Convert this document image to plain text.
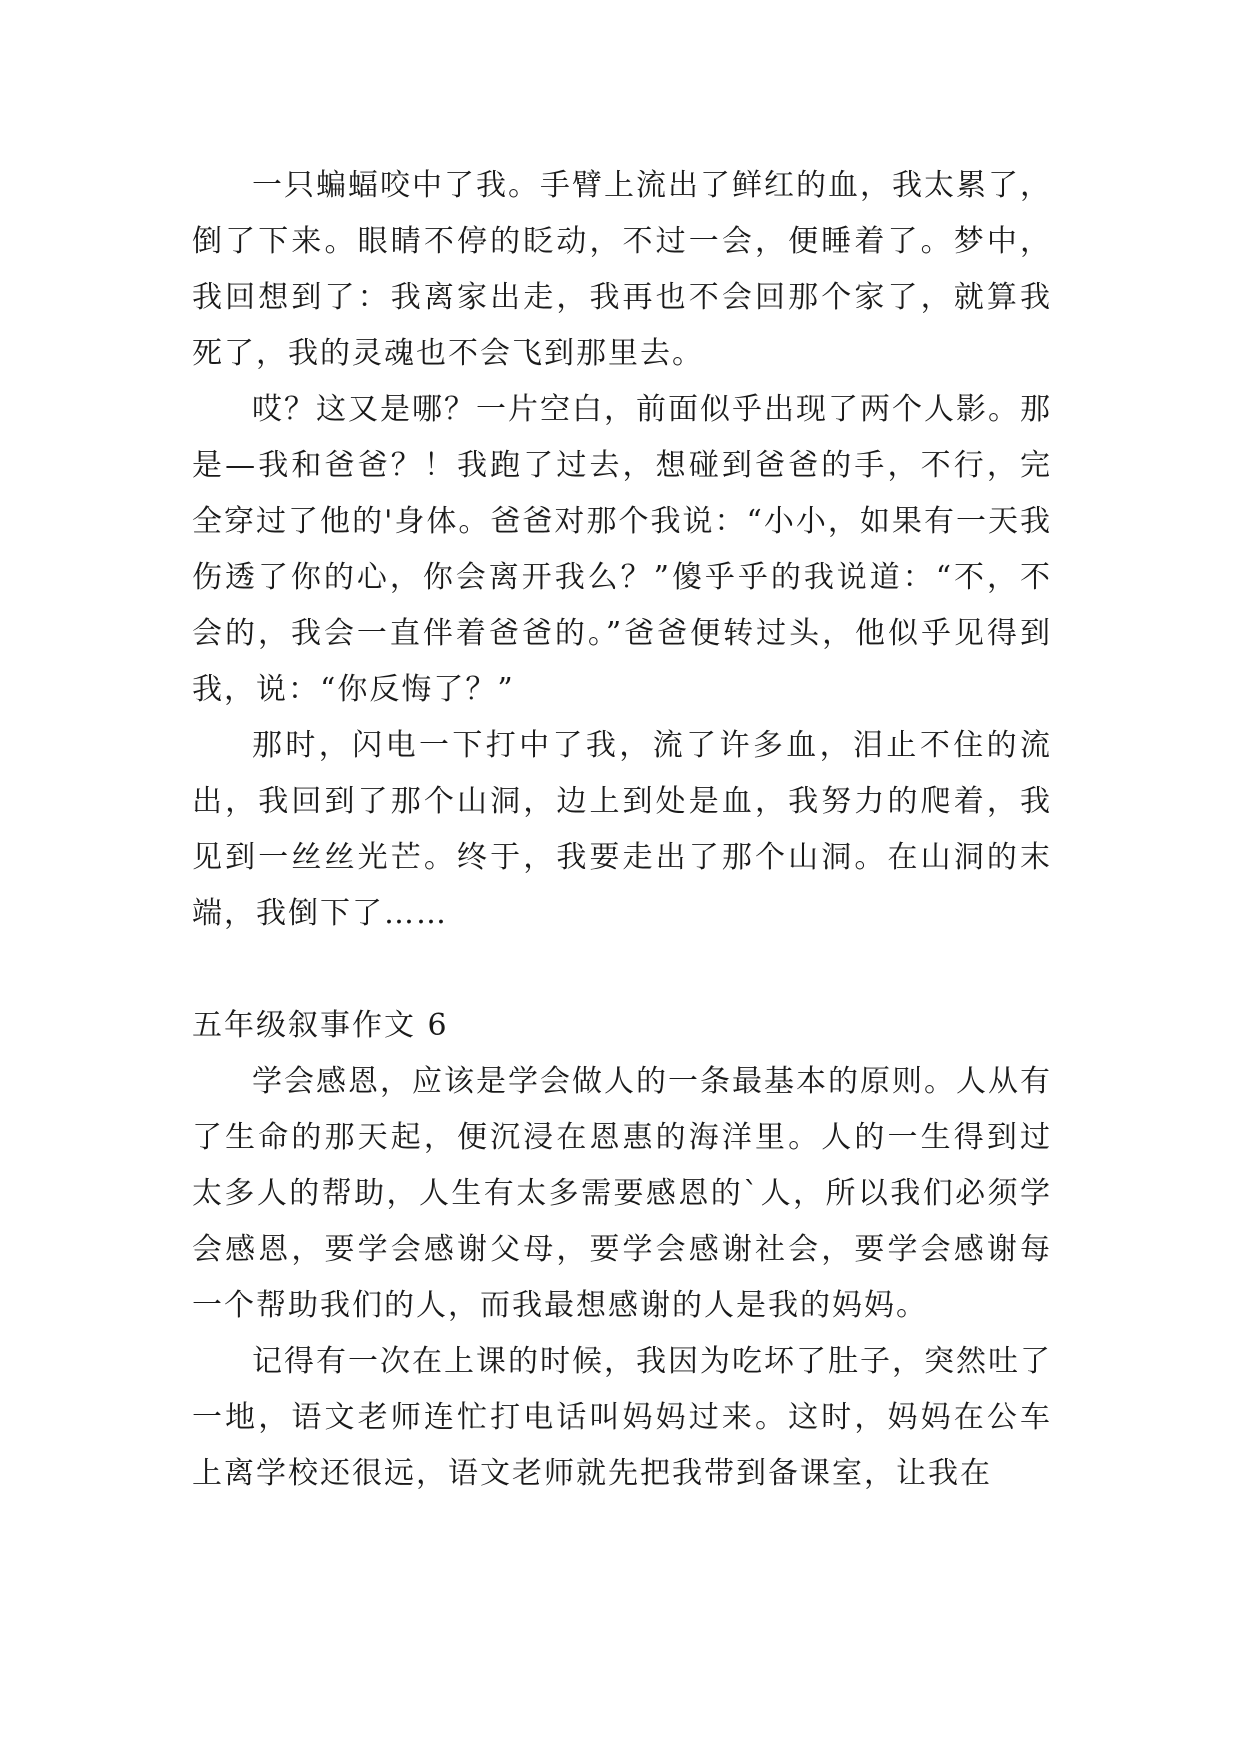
一只蝙蝠咬中了我。手臂上流出了鲜红的血，我太累了，倒了下来。眼睛不停的眨动，不过一会，便睡着了。梦中，我回想到了：我离家出走，我再也不会回那个家了，就算我死了，我的灵魂也不会飞到那里去。

哎？这又是哪？一片空白，前面似乎出现了两个人影。那是—我和爸爸？！我跑了过去，想碰到爸爸的手，不行，完全穿过了他的'身体。爸爸对那个我说：“小小，如果有一天我伤透了你的心，你会离开我么？”傻乎乎的我说道：“不，不会的，我会一直伴着爸爸的。”爸爸便转过头，他似乎见得到我，说：“你反悔了？”

那时，闪电一下打中了我，流了许多血，泪止不住的流出，我回到了那个山洞，边上到处是血，我努力的爬着，我见到一丝丝光芒。终于，我要走出了那个山洞。在山洞的末端，我倒下了……

五年级叙事作文 6

学会感恩，应该是学会做人的一条最基本的原则。人从有了生命的那天起，便沉浸在恩惠的海洋里。人的一生得到过太多人的帮助，人生有太多需要感恩的`人，所以我们必须学会感恩，要学会感谢父母，要学会感谢社会，要学会感谢每一个帮助我们的人，而我最想感谢的人是我的妈妈。

记得有一次在上课的时候，我因为吃坏了肚子，突然吐了一地，语文老师连忙打电话叫妈妈过来。这时，妈妈在公车上离学校还很远，语文老师就先把我带到备课室，让我在
